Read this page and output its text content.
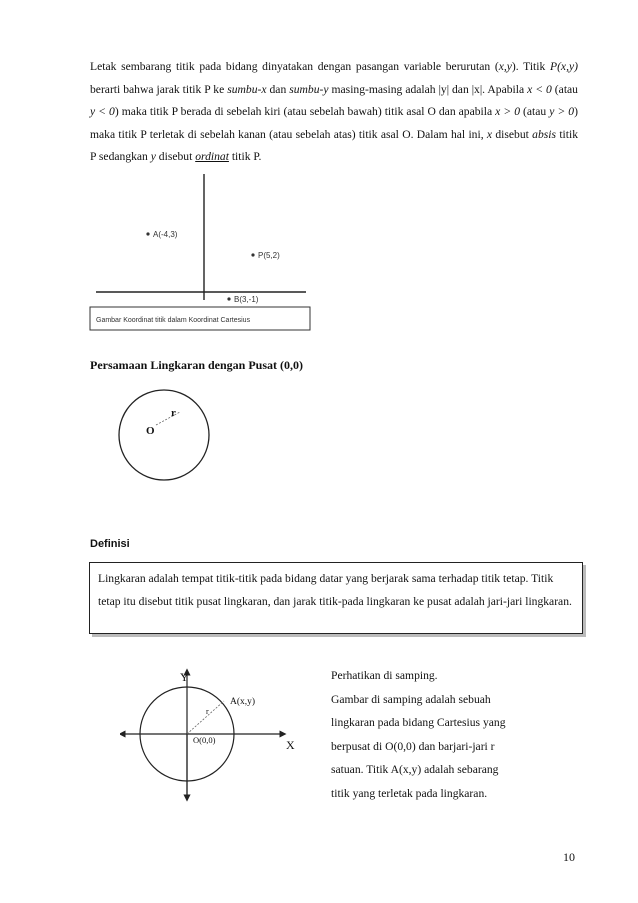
Letak sembarang titik pada bidang dinyatakan dengan pasangan variable berurutan (x,y). Titik P(x,y) berarti bahwa jarak titik P ke sumbu-x dan sumbu-y masing-masing adalah |y| dan |x|. Apabila x < 0 (atau y < 0) maka titik P berada di sebelah kiri (atau sebelah bawah) titik asal O dan apabila x > 0 (atau y > 0) maka titik P terletak di sebelah kanan (atau sebelah atas) titik asal O. Dalam hal ini, x disebut absis titik P sedangkan y disebut ordinat titik P.
A(-4,3)
P(5,2)
B(3,-1)
Gambar Koordinat titik dalam Koordinat Cartesius
Persamaan Lingkaran dengan Pusat (0,0)
r
O
Definisi
Lingkaran adalah tempat titik-titik pada bidang datar yang berjarak sama terhadap titik tetap. Titik tetap itu disebut titik pusat lingkaran, dan jarak titik-pada lingkaran ke pusat adalah jari-jari lingkaran.
Y
X
A(x,y)
r
O(0,0)
Perhatikan di samping.
Gambar di samping adalah sebuah
lingkaran pada bidang Cartesius yang
berpusat di O(0,0) dan barjari-jari r
satuan. Titik A(x,y) adalah sebarang
titik yang terletak pada lingkaran.
10
